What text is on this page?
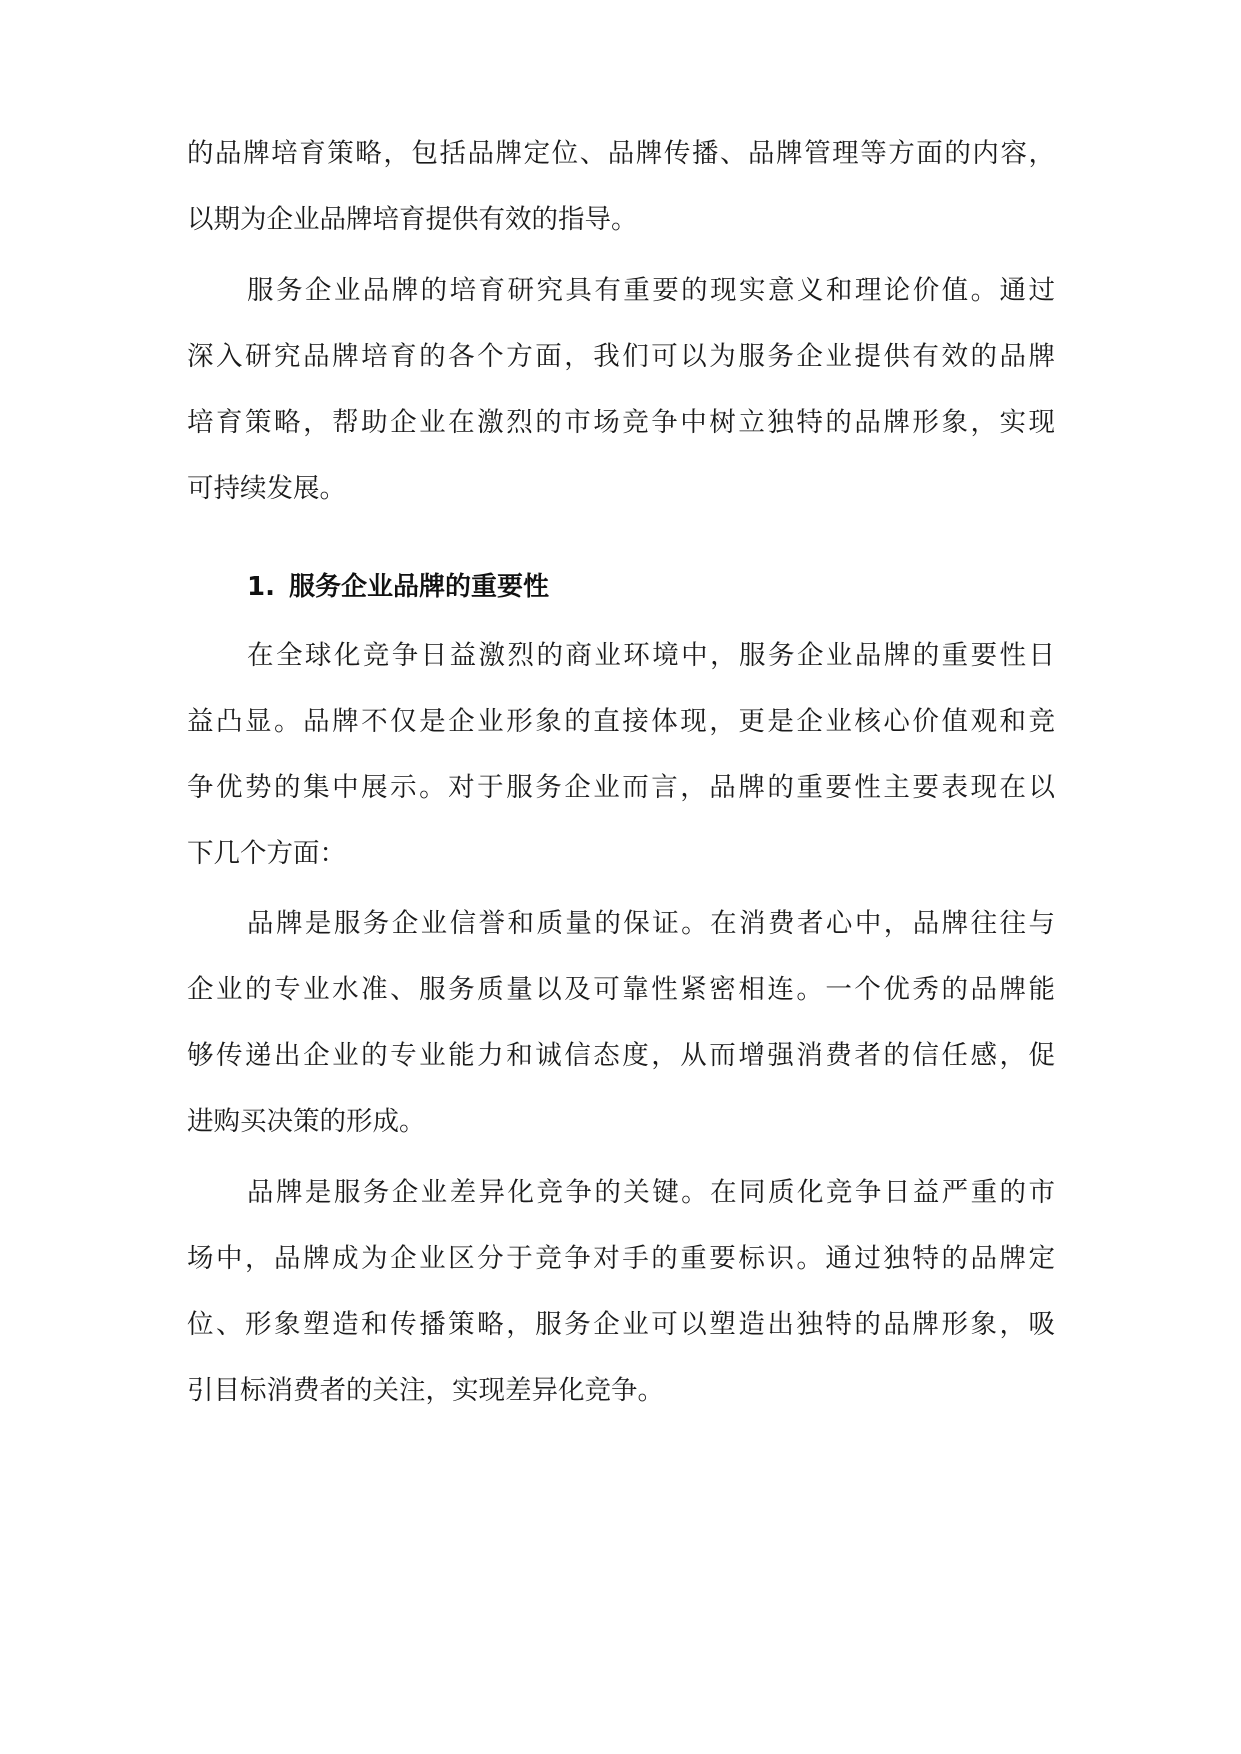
的品牌培育策略，包括品牌定位、品牌传播、品牌管理等方面的内容，
以期为企业品牌培育提供有效的指导。
服务企业品牌的培育研究具有重要的现实意义和理论价值。通过
深入研究品牌培育的各个方面，我们可以为服务企业提供有效的品牌
培育策略，帮助企业在激烈的市场竞争中树立独特的品牌形象，实现
可持续发展。
1. 服务企业品牌的重要性
在全球化竞争日益激烈的商业环境中，服务企业品牌的重要性日
益凸显。品牌不仅是企业形象的直接体现，更是企业核心价值观和竞
争优势的集中展示。对于服务企业而言，品牌的重要性主要表现在以
下几个方面：
品牌是服务企业信誉和质量的保证。在消费者心中，品牌往往与
企业的专业水准、服务质量以及可靠性紧密相连。一个优秀的品牌能
够传递出企业的专业能力和诚信态度，从而增强消费者的信任感，促
进购买决策的形成。
品牌是服务企业差异化竞争的关键。在同质化竞争日益严重的市
场中，品牌成为企业区分于竞争对手的重要标识。通过独特的品牌定
位、形象塑造和传播策略，服务企业可以塑造出独特的品牌形象，吸
引目标消费者的关注，实现差异化竞争。
